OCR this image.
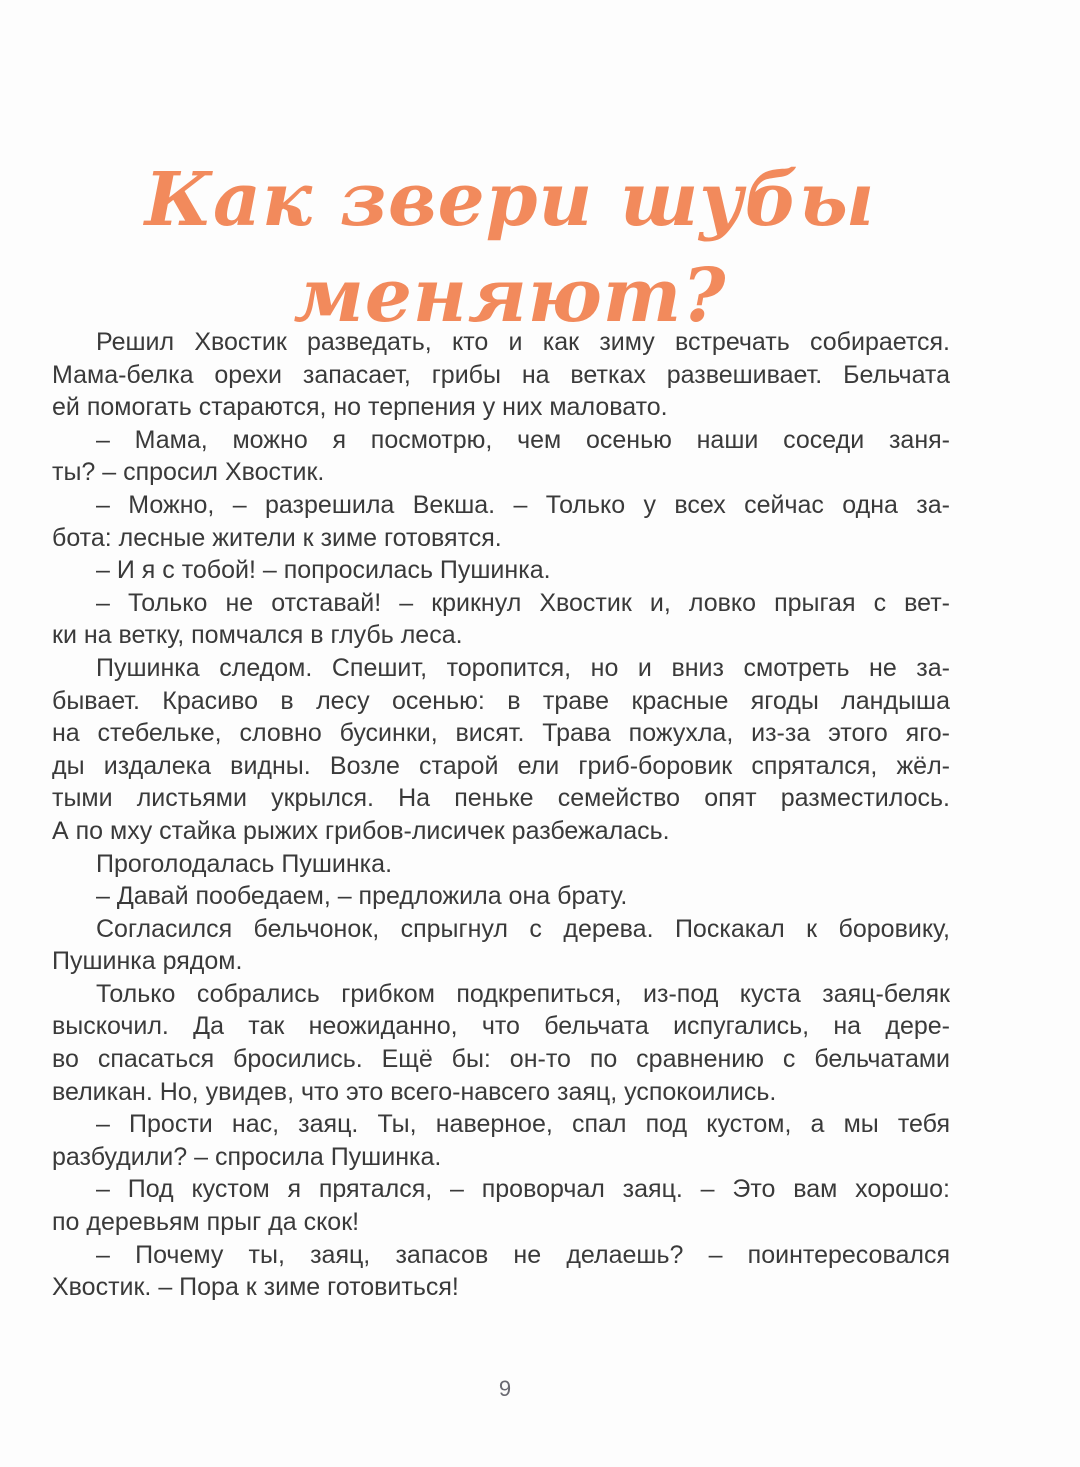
Как звери шубы
меняют?
Решил Хвостик разведать, кто и как зиму встречать собирается.
Мама-белка орехи запасает, грибы на ветках развешивает. Бельчата
ей помогать стараются, но терпения у них маловато.
– Мама, можно я посмотрю, чем осенью наши соседи заня-
ты? – спросил Хвостик.
– Можно, – разрешила Векша. – Только у всех сейчас одна за-
бота: лесные жители к зиме готовятся.
– И я с тобой! – попросилась Пушинка.
– Только не отставай! – крикнул Хвостик и, ловко прыгая с вет-
ки на ветку, помчался в глубь леса.
Пушинка следом. Спешит, торопится, но и вниз смотреть не за-
бывает. Красиво в лесу осенью: в траве красные ягоды ландыша
на стебельке, словно бусинки, висят. Трава пожухла, из-за этого яго-
ды издалека видны. Возле старой ели гриб-боровик спрятался, жёл-
тыми листьями укрылся. На пеньке семейство опят разместилось.
А по мху стайка рыжих грибов-лисичек разбежалась.
Проголодалась Пушинка.
– Давай пообедаем, – предложила она брату.
Согласился бельчонок, спрыгнул с дерева. Поскакал к боровику,
Пушинка рядом.
Только собрались грибком подкрепиться, из-под куста заяц-беляк
выскочил. Да так неожиданно, что бельчата испугались, на дере-
во спасаться бросились. Ещё бы: он-то по сравнению с бельчатами
великан. Но, увидев, что это всего-навсего заяц, успокоились.
– Прости нас, заяц. Ты, наверное, спал под кустом, а мы тебя
разбудили? – спросила Пушинка.
– Под кустом я прятался, – проворчал заяц. – Это вам хорошо:
по деревьям прыг да скок!
– Почему ты, заяц, запасов не делаешь? – поинтересовался
Хвостик. – Пора к зиме готовиться!
9
